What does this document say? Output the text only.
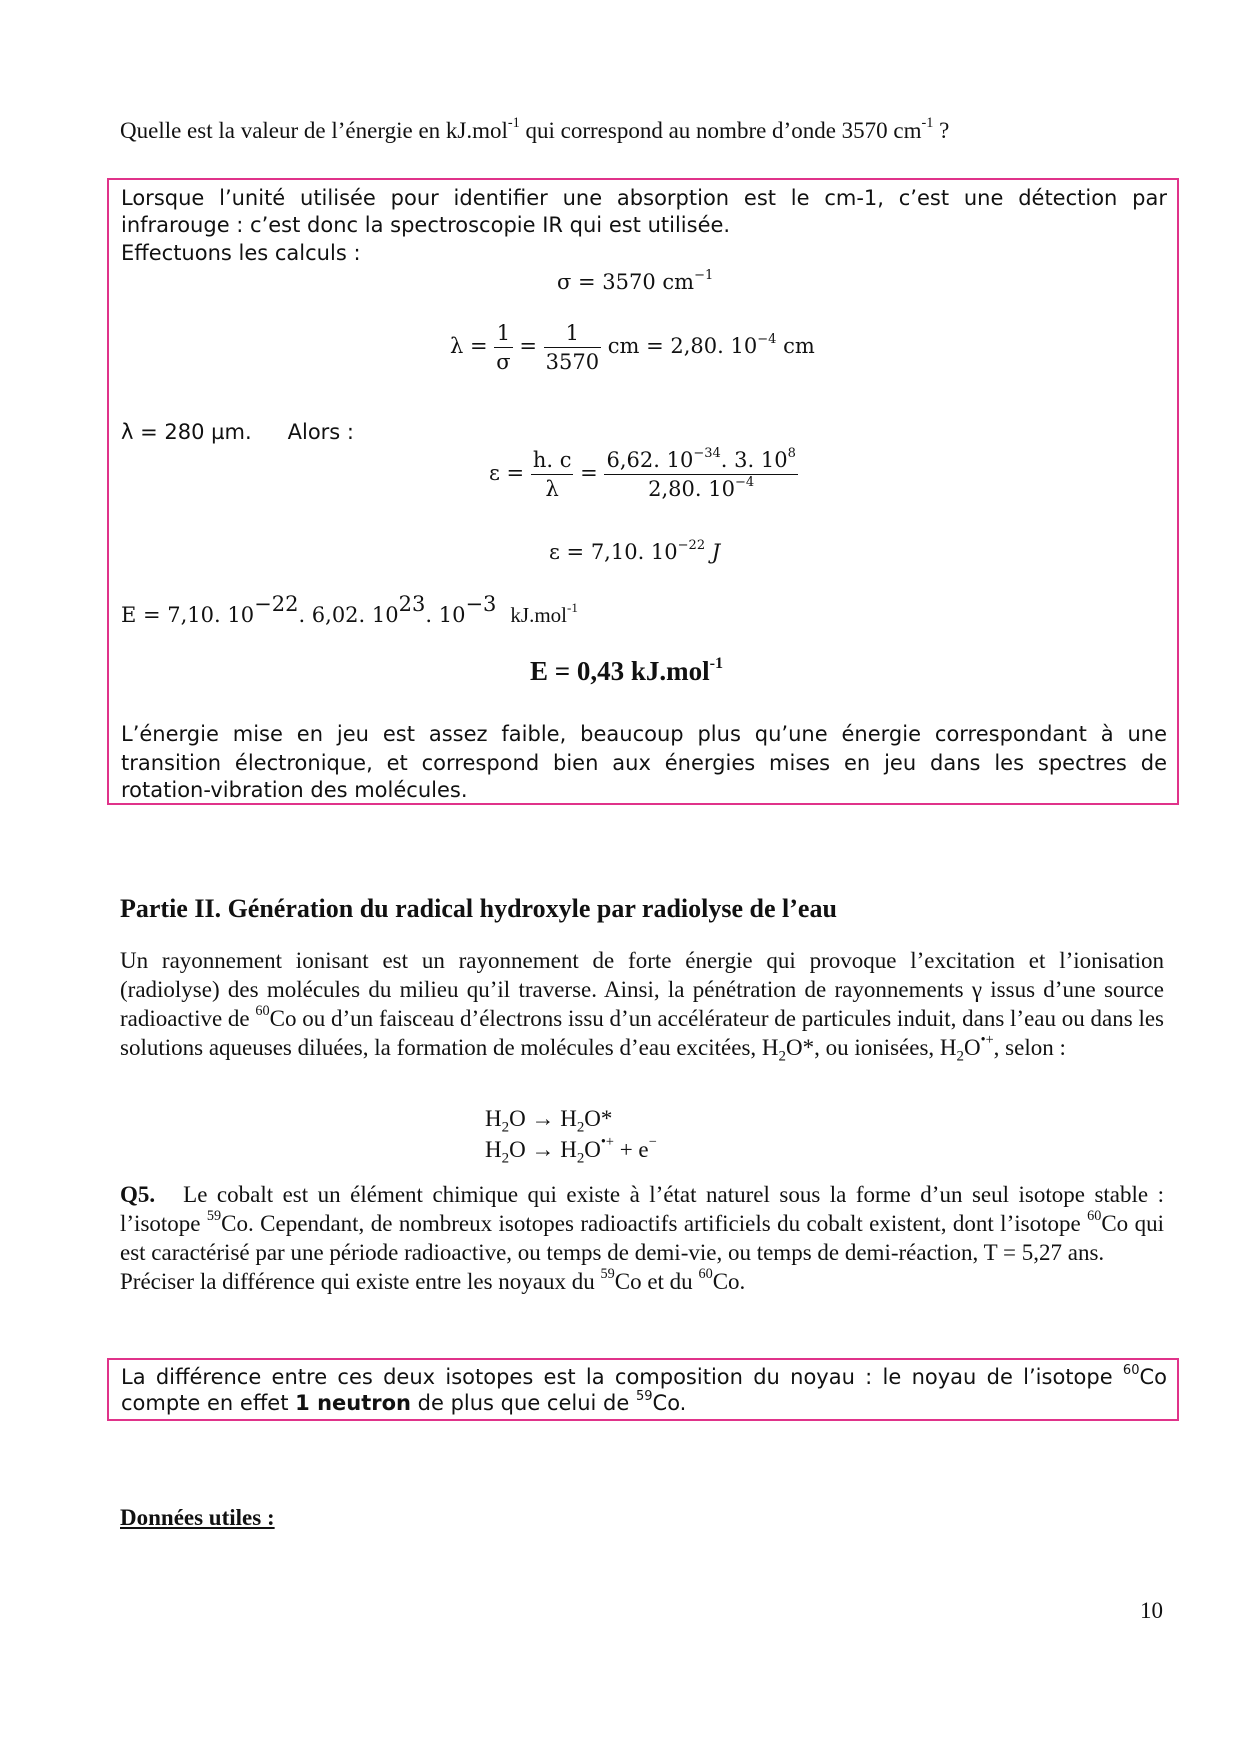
Quelle est la valeur de l’énergie en kJ.mol$^{-1}$ qui correspond au nombre d’onde 3570 $cm^{-1}$ ?

Lorsque l’unité utilisée pour identifier une absorption est le cm-1, c’est une détection par

infrarouge : c’est donc la spectroscopie IR qui est utilisée.

Effectuons les calculs :

σ = 3570 $cm^{-1}$
$\lambda = \frac{1}{\sigma} = \frac{1}{3570}$ cm = 2,80. $10^{-4}$ cm
λ = 280 µm. Alors :
$\varepsilon = \frac{h. c}{\lambda} = \frac{6,62. 10^{-34}. 3. 10^8}{2,80. 10^{-4}}$
ε = 7,10. $10^{-22}$ J
E = 7,10. $10^{-22}$. 6,02. $10^{23}$. $10^{-3}$ kJ.mol$^{-1}$
E = 0,43 kJ.mol$^{-1}$

L’énergie mise en jeu est assez faible, beaucoup plus qu’une énergie correspondant à une

transition électronique, et correspond bien aux énergies mises en jeu dans les spectres de

rotation-vibration des molécules.

Partie II. Génération du radical hydroxyle par radiolyse de l’eau
Un rayonnement ionisant est un rayonnement de forte énergie qui provoque l’excitation et l’ionisation (radiolyse) des molécules du milieu qu’il traverse. Ainsi, la pénétration de rayonnements γ issus d’une source radioactive de $^{60}$Co ou d’un faisceau d’électrons issu d’un accélérateur de particules induit, dans l’eau ou dans les solutions aqueuses diluées, la formation de molécules d’eau excitées, $H_2O*$, ou ionisées, $H_2O^{•+}$, selon :
$H_2O \to H_2O*$
$H_2O \to H_2O^{•+} + e^-$
Q5. Le cobalt est un élément chimique qui existe à l’état naturel sous la forme d’un seul isotope stable : l’isotope $^{59}$Co. Cependant, de nombreux isotopes radioactifs artificiels du cobalt existent, dont l’isotope $^{60}$Co qui est caractérisé par une période radioactive, ou temps de demi-vie, ou temps de demi-réaction, T = 5,27 ans.
Préciser la différence qui existe entre les noyaux du $^{59}$Co et du $^{60}$Co.

La différence entre ces deux isotopes est la composition du noyau : le noyau de l’isotope $^{60}$Co

compte en effet 1 neutron de plus que celui de $^{59}$Co.

Données utiles :
10
